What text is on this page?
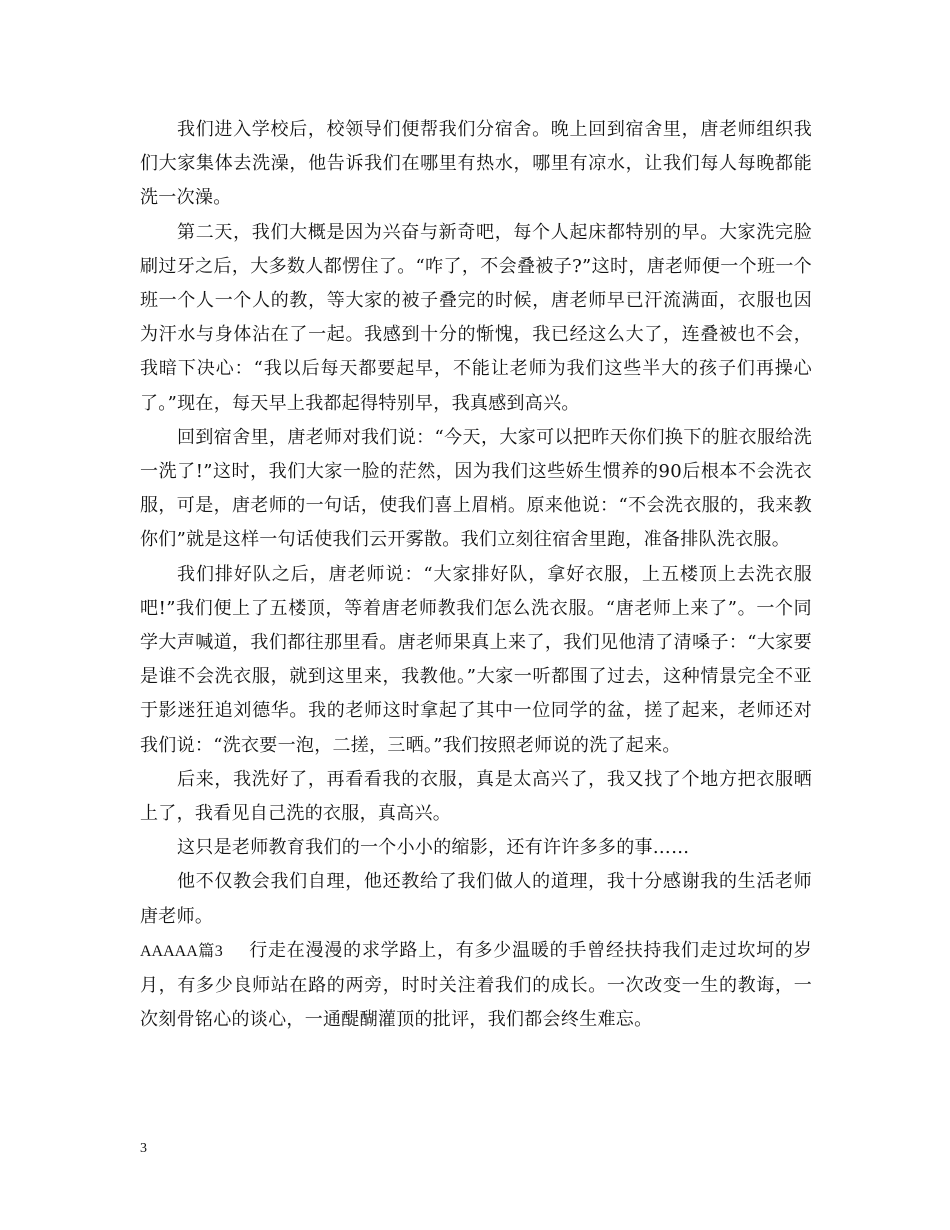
我们进入学校后，校领导们便帮我们分宿舍。晚上回到宿舍里，唐老师组织我们大家集体去洗澡，他告诉我们在哪里有热水，哪里有凉水，让我们每人每晚都能洗一次澡。

第二天，我们大概是因为兴奋与新奇吧，每个人起床都特别的早。大家洗完脸刷过牙之后，大多数人都愣住了。“咋了，不会叠被子?”这时，唐老师便一个班一个班一个人一个人的教，等大家的被子叠完的时候，唐老师早已汗流满面，衣服也因为汗水与身体沾在了一起。我感到十分的惭愧，我已经这么大了，连叠被也不会，我暗下决心：“我以后每天都要起早，不能让老师为我们这些半大的孩子们再操心了。”现在，每天早上我都起得特别早，我真感到高兴。

回到宿舍里，唐老师对我们说：“今天，大家可以把昨天你们换下的脏衣服给洗一洗了!”这时，我们大家一脸的茫然，因为我们这些娇生惯养的90后根本不会洗衣服，可是，唐老师的一句话，使我们喜上眉梢。原来他说：“不会洗衣服的，我来教你们”就是这样一句话使我们云开雾散。我们立刻往宿舍里跑，准备排队洗衣服。

我们排好队之后，唐老师说：“大家排好队，拿好衣服，上五楼顶上去洗衣服吧!”我们便上了五楼顶，等着唐老师教我们怎么洗衣服。“唐老师上来了”。一个同学大声喊道，我们都往那里看。唐老师果真上来了，我们见他清了清嗓子：“大家要是谁不会洗衣服，就到这里来，我教他。”大家一听都围了过去，这种情景完全不亚于影迷狂追刘德华。我的老师这时拿起了其中一位同学的盆，搓了起来，老师还对我们说：“洗衣要一泡，二搓，三晒。”我们按照老师说的洗了起来。

后来，我洗好了，再看看我的衣服，真是太高兴了，我又找了个地方把衣服晒上了，我看见自己洗的衣服，真高兴。

这只是老师教育我们的一个小小的缩影，还有许许多多的事……

他不仅教会我们自理，他还教给了我们做人的道理，我十分感谢我的生活老师唐老师。

AAAAA篇3 行走在漫漫的求学路上，有多少温暖的手曾经扶持我们走过坎坷的岁月，有多少良师站在路的两旁，时时关注着我们的成长。一次改变一生的教诲，一次刻骨铭心的谈心，一通醍醐灌顶的批评，我们都会终生难忘。

3
